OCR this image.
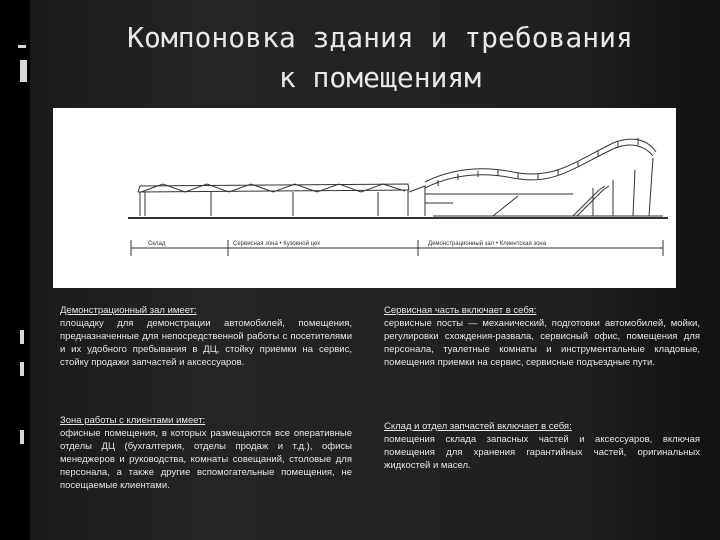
Компоновка здания и требования
к помещениям
Склад	Сервисная зона • Кузовной цех	Демонстрационный зал • Клиентская зона
Демонстрационный зал имеет:
площадку для демонстрации автомобилей, помещения, предназначенные для непосредственной работы с посетителями и их удобного пребывания в ДЦ, стойку приемки на сервис, стойку продажи запчастей и аксессуаров.
Сервисная часть включает в себя:
сервисные посты — механический, подготовки автомобилей, мойки, регулировки схождения-развала, сервисный офис, помещения для персонала, туалетные комнаты и инструментальные кладовые, помещения приемки на сервис, сервисные подъездные пути.
Зона работы с клиентами имеет:
офисные помещения, в которых размещаются все оперативные отделы ДЦ (бухгалтерия, отделы продаж и т.д.), офисы менеджеров и руководства, комнаты совещаний, столовые для персонала, а также другие вспомогательные помещения, не посещаемые клиентами.
Склад и отдел запчастей включает в себя:
помещения склада запасных частей и аксессуаров, включая помещения для хранения гарантийных частей, оригинальных жидкостей и масел.
